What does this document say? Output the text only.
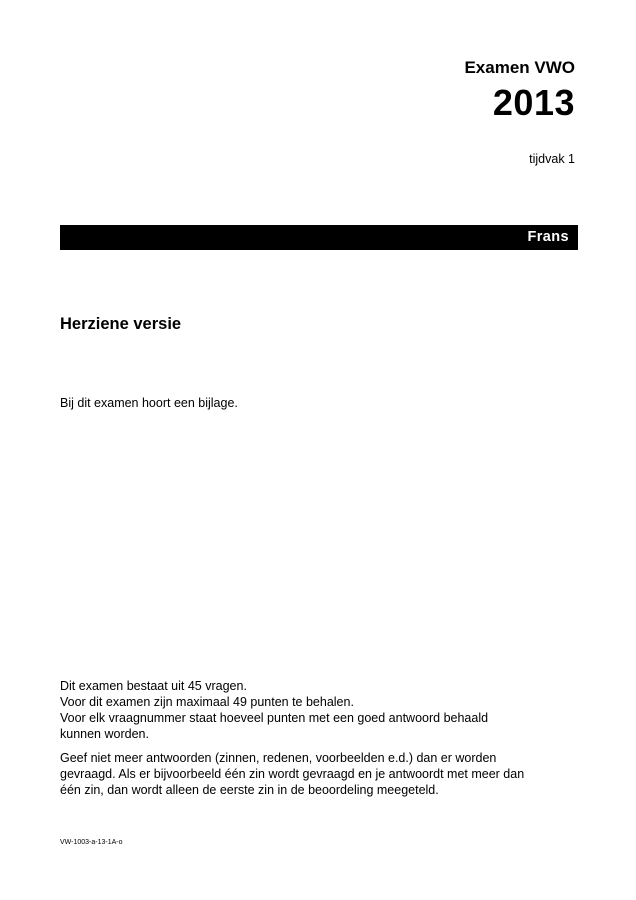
Examen VWO
2013
tijdvak 1
Frans
Herziene versie
Bij dit examen hoort een bijlage.
Dit examen bestaat uit 45 vragen.
Voor dit examen zijn maximaal 49 punten te behalen.
Voor elk vraagnummer staat hoeveel punten met een goed antwoord behaald
kunnen worden.
Geef niet meer antwoorden (zinnen, redenen, voorbeelden e.d.) dan er worden
gevraagd. Als er bijvoorbeeld één zin wordt gevraagd en je antwoordt met meer dan
één zin, dan wordt alleen de eerste zin in de beoordeling meegeteld.
VW-1003-a-13-1A-o
